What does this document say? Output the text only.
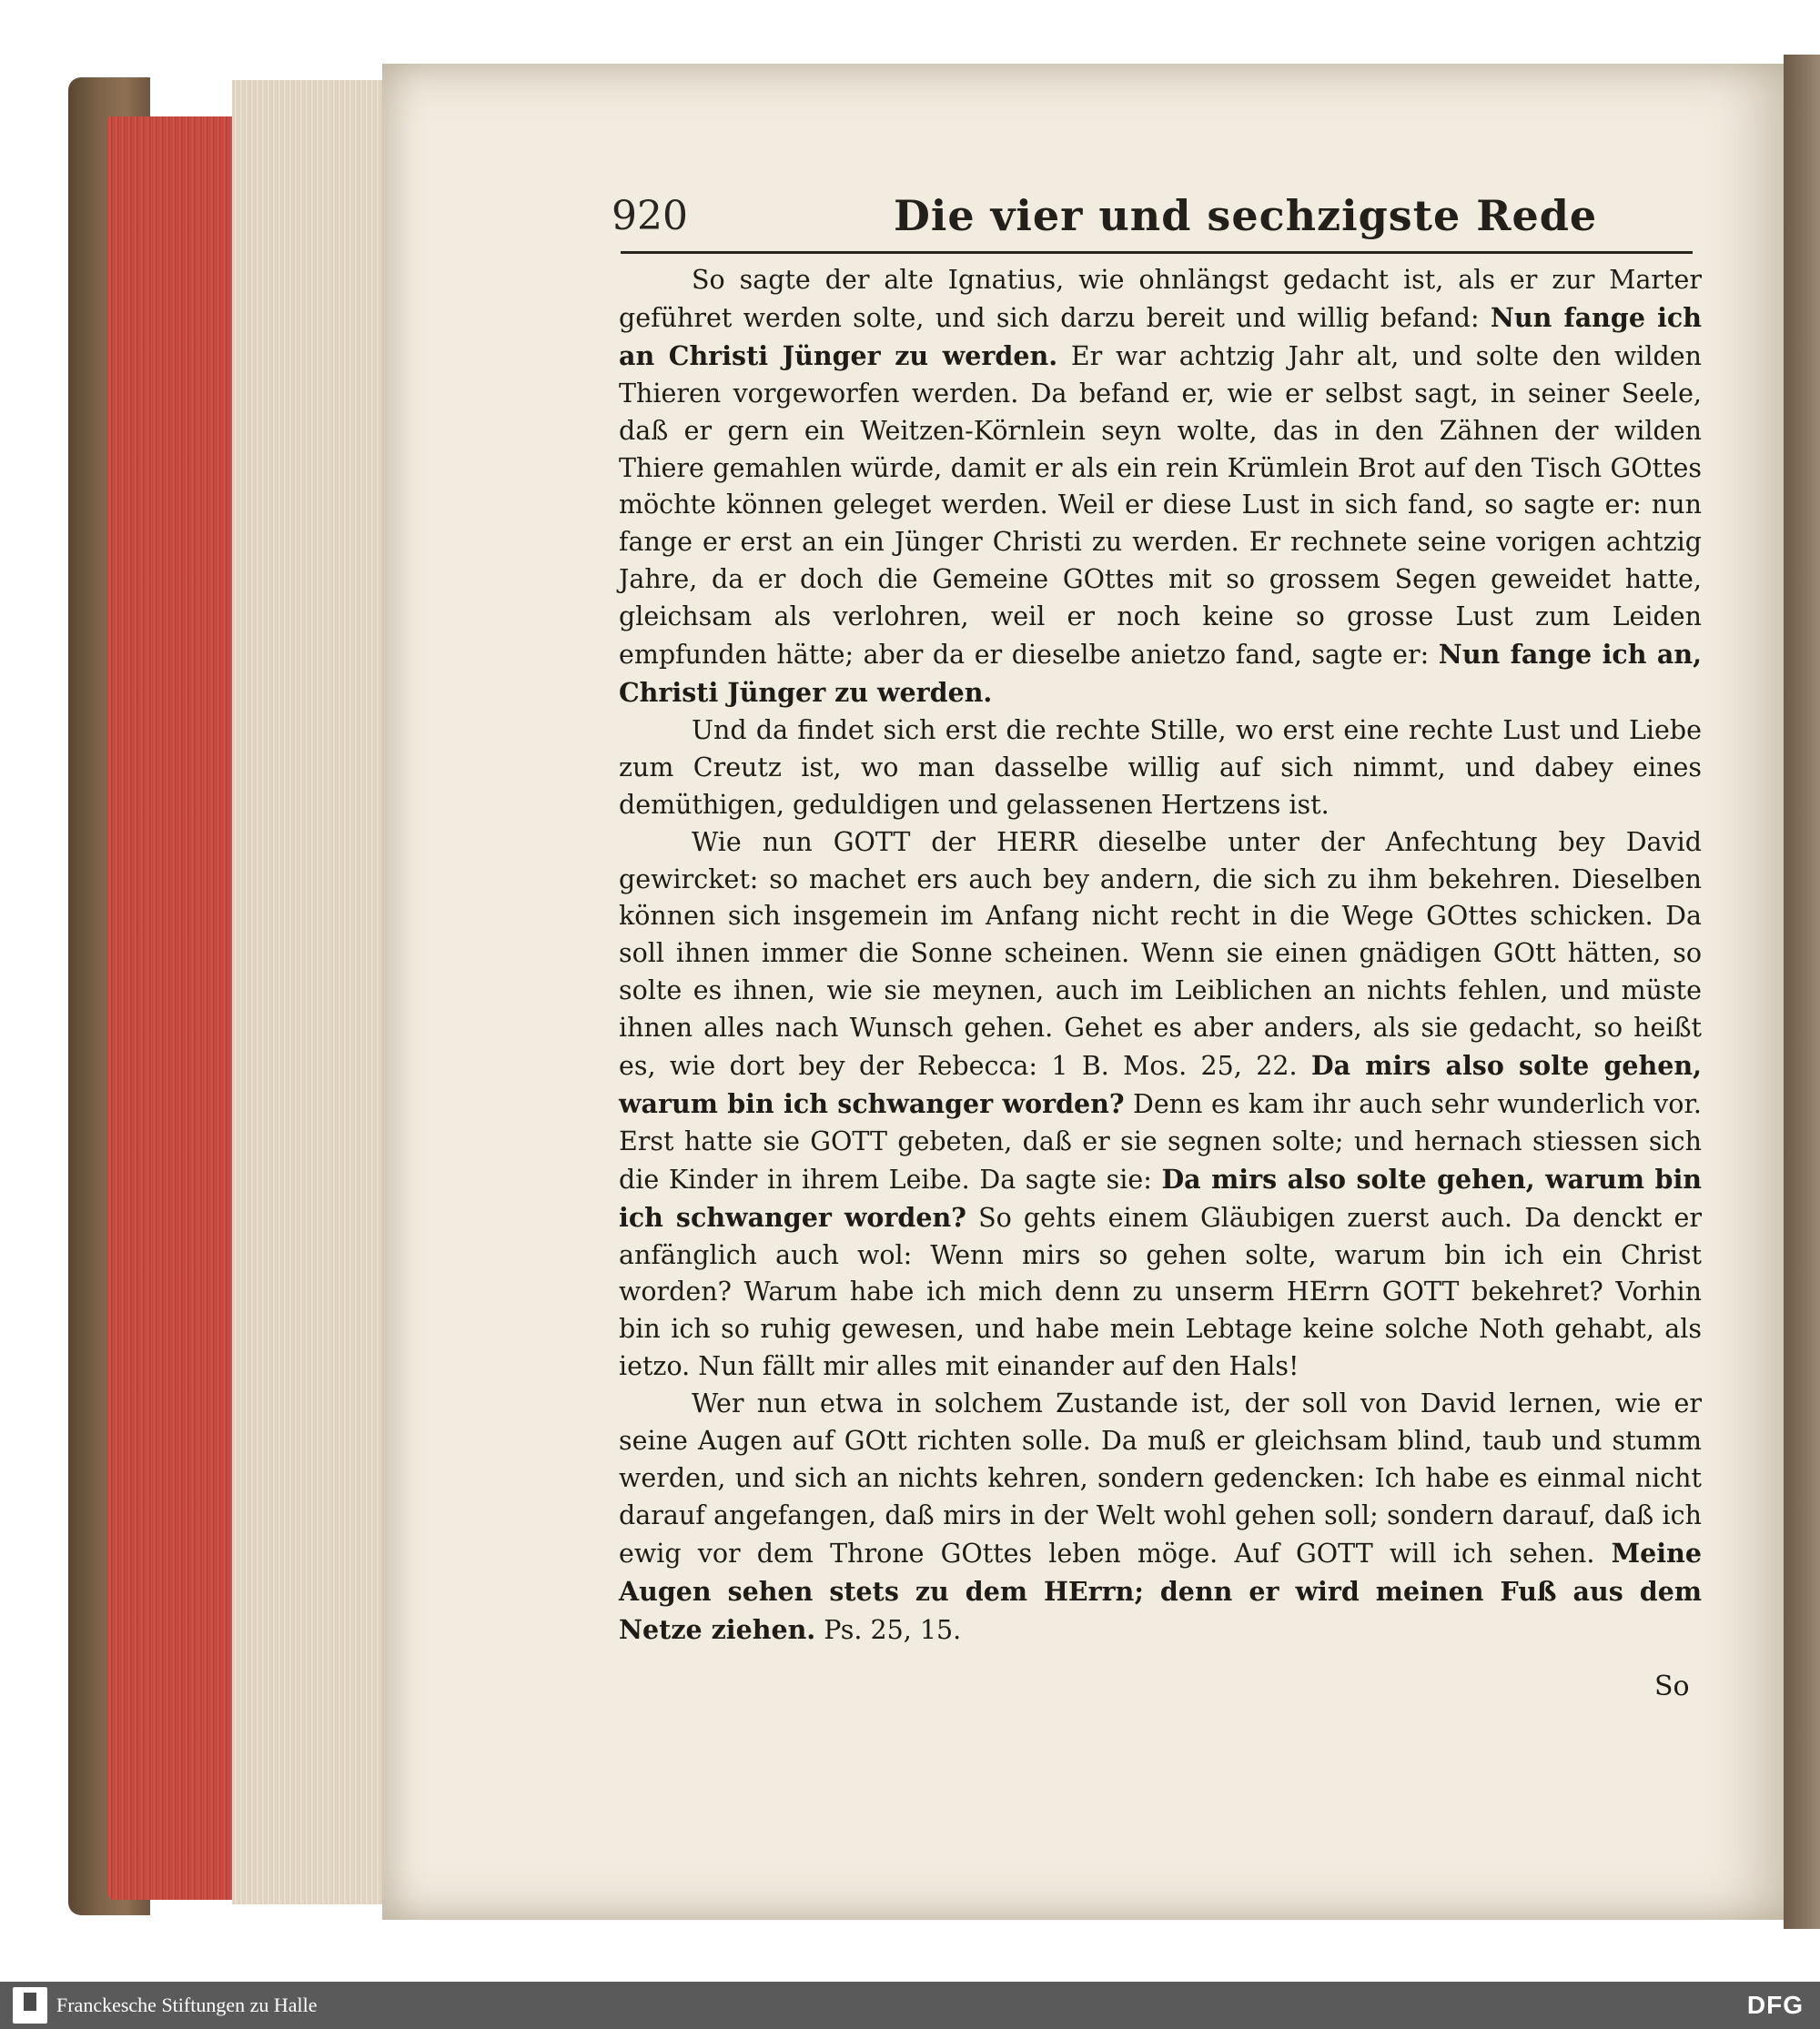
920	Die vier und sechzigste Rede

So sagte der alte Ignatius, wie ohnlängst gedacht ist, als er zur Marter geführet werden solte, und sich darzu bereit und willig befand: Nun fange ich an Christi Jünger zu werden. Er war achtzig Jahr alt, und solte den wilden Thieren vorgeworfen werden. Da befand er, wie er selbst sagt, in seiner Seele, daß er gern ein Weitzen-Körnlein seyn wolte, das in den Zähnen der wilden Thiere gemahlen würde, damit er als ein rein Krümlein Brot auf den Tisch GOttes möchte können geleget werden. Weil er diese Lust in sich fand, so sagte er: nun fange er erst an ein Jünger Christi zu werden. Er rechnete seine vorigen achtzig Jahre, da er doch die Gemeine GOttes mit so grossem Segen geweidet hatte, gleichsam als verlohren, weil er noch keine so grosse Lust zum Leiden empfunden hätte; aber da er dieselbe anietzo fand, sagte er: Nun fange ich an, Christi Jünger zu werden.

Und da findet sich erst die rechte Stille, wo erst eine rechte Lust und Liebe zum Creutz ist, wo man dasselbe willig auf sich nimmt, und dabey eines demüthigen, geduldigen und gelassenen Hertzens ist.

Wie nun GOTT der HERR dieselbe unter der Anfechtung bey David gewircket: so machet ers auch bey andern, die sich zu ihm bekehren. Dieselben können sich insgemein im Anfang nicht recht in die Wege GOttes schicken. Da soll ihnen immer die Sonne scheinen. Wenn sie einen gnädigen GOtt hätten, so solte es ihnen, wie sie meynen, auch im Leiblichen an nichts fehlen, und müste ihnen alles nach Wunsch gehen. Gehet es aber anders, als sie gedacht, so heißt es, wie dort bey der Rebecca: 1 B. Mos. 25, 22. Da mirs also solte gehen, warum bin ich schwanger worden? Denn es kam ihr auch sehr wunderlich vor. Erst hatte sie GOTT gebeten, daß er sie segnen solte; und hernach stiessen sich die Kinder in ihrem Leibe. Da sagte sie: Da mirs also solte gehen, warum bin ich schwanger worden? So gehts einem Gläubigen zuerst auch. Da denckt er anfänglich auch wol: Wenn mirs so gehen solte, warum bin ich ein Christ worden? Warum habe ich mich denn zu unserm HErrn GOTT bekehret? Vorhin bin ich so ruhig gewesen, und habe mein Lebtage keine solche Noth gehabt, als ietzo. Nun fällt mir alles mit einander auf den Hals!

Wer nun etwa in solchem Zustande ist, der soll von David lernen, wie er seine Augen auf GOtt richten solle. Da muß er gleichsam blind, taub und stumm werden, und sich an nichts kehren, sondern gedencken: Ich habe es einmal nicht darauf angefangen, daß mirs in der Welt wohl gehen soll; sondern darauf, daß ich ewig vor dem Throne GOttes leben möge. Auf GOTT will ich sehen. Meine Augen sehen stets zu dem HErrn; denn er wird meinen Fuß aus dem Netze ziehen. Ps. 25, 15.

So
Franckesche Stiftungen zu Halle	DFG
